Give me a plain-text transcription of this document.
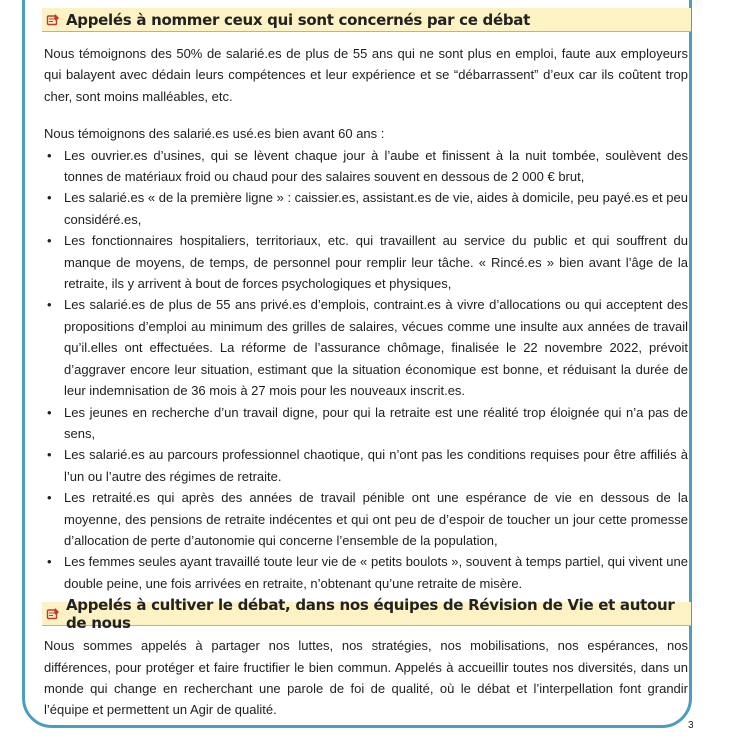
Appelés à nommer ceux qui sont concernés par ce débat

Nous témoignons des 50% de salarié.es de plus de 55 ans qui ne sont plus en emploi, faute aux employeurs qui balayent avec dédain leurs compétences et leur expérience et se “débarrassent” d’eux car ils coûtent trop cher, sont moins malléables, etc.

Nous témoignons des salarié.es usé.es bien avant 60 ans :

• Les ouvrier.es d’usines, qui se lèvent chaque jour à l’aube et finissent à la nuit tombée, soulèvent des tonnes de matériaux froid ou chaud pour des salaires souvent en dessous de 2 000 € brut,
• Les salarié.es « de la première ligne » : caissier.es, assistant.es de vie, aides à domicile, peu payé.es et peu considéré.es,
• Les fonctionnaires hospitaliers, territoriaux, etc. qui travaillent au service du public et qui souffrent du manque de moyens, de temps, de personnel pour remplir leur tâche. « Rincé.es » bien avant l’âge de la retraite, ils y arrivent à bout de forces psychologiques et physiques,
• Les salarié.es de plus de 55 ans privé.es d’emplois, contraint.es à vivre d’allocations ou qui acceptent des propositions d’emploi au minimum des grilles de salaires, vécues comme une insulte aux années de travail qu’il.elles ont effectuées. La réforme de l’assurance chômage, finalisée le 22 novembre 2022, prévoit d’aggraver encore leur situation, estimant que la situation économique est bonne, et réduisant la durée de leur indemnisation de 36 mois à 27 mois pour les nouveaux inscrit.es.
• Les jeunes en recherche d’un travail digne, pour qui la retraite est une réalité trop éloignée qui n’a pas de sens,
• Les salarié.es au parcours professionnel chaotique, qui n’ont pas les conditions requises pour être affiliés à l’un ou l’autre des régimes de retraite.
• Les retraité.es qui après des années de travail pénible ont une espérance de vie en dessous de la moyenne, des pensions de retraite indécentes et qui ont peu de d’espoir de toucher un jour cette promesse d’allocation de perte d’autonomie qui concerne l’ensemble de la population,
• Les femmes seules ayant travaillé toute leur vie de « petits boulots », souvent à temps partiel, qui vivent une double peine, une fois arrivées en retraite, n’obtenant qu’une retraite de misère.
Appelés à cultiver le débat, dans nos équipes de Révision de Vie et autour de nous

Nous sommes appelés à partager nos luttes, nos stratégies, nos mobilisations, nos espérances, nos différences, pour protéger et faire fructifier le bien commun. Appelés à accueillir toutes nos diversités, dans un monde qui change en recherchant une parole de foi de qualité, où le débat et l’interpellation font grandir l’équipe et permettent un Agir de qualité.

3
